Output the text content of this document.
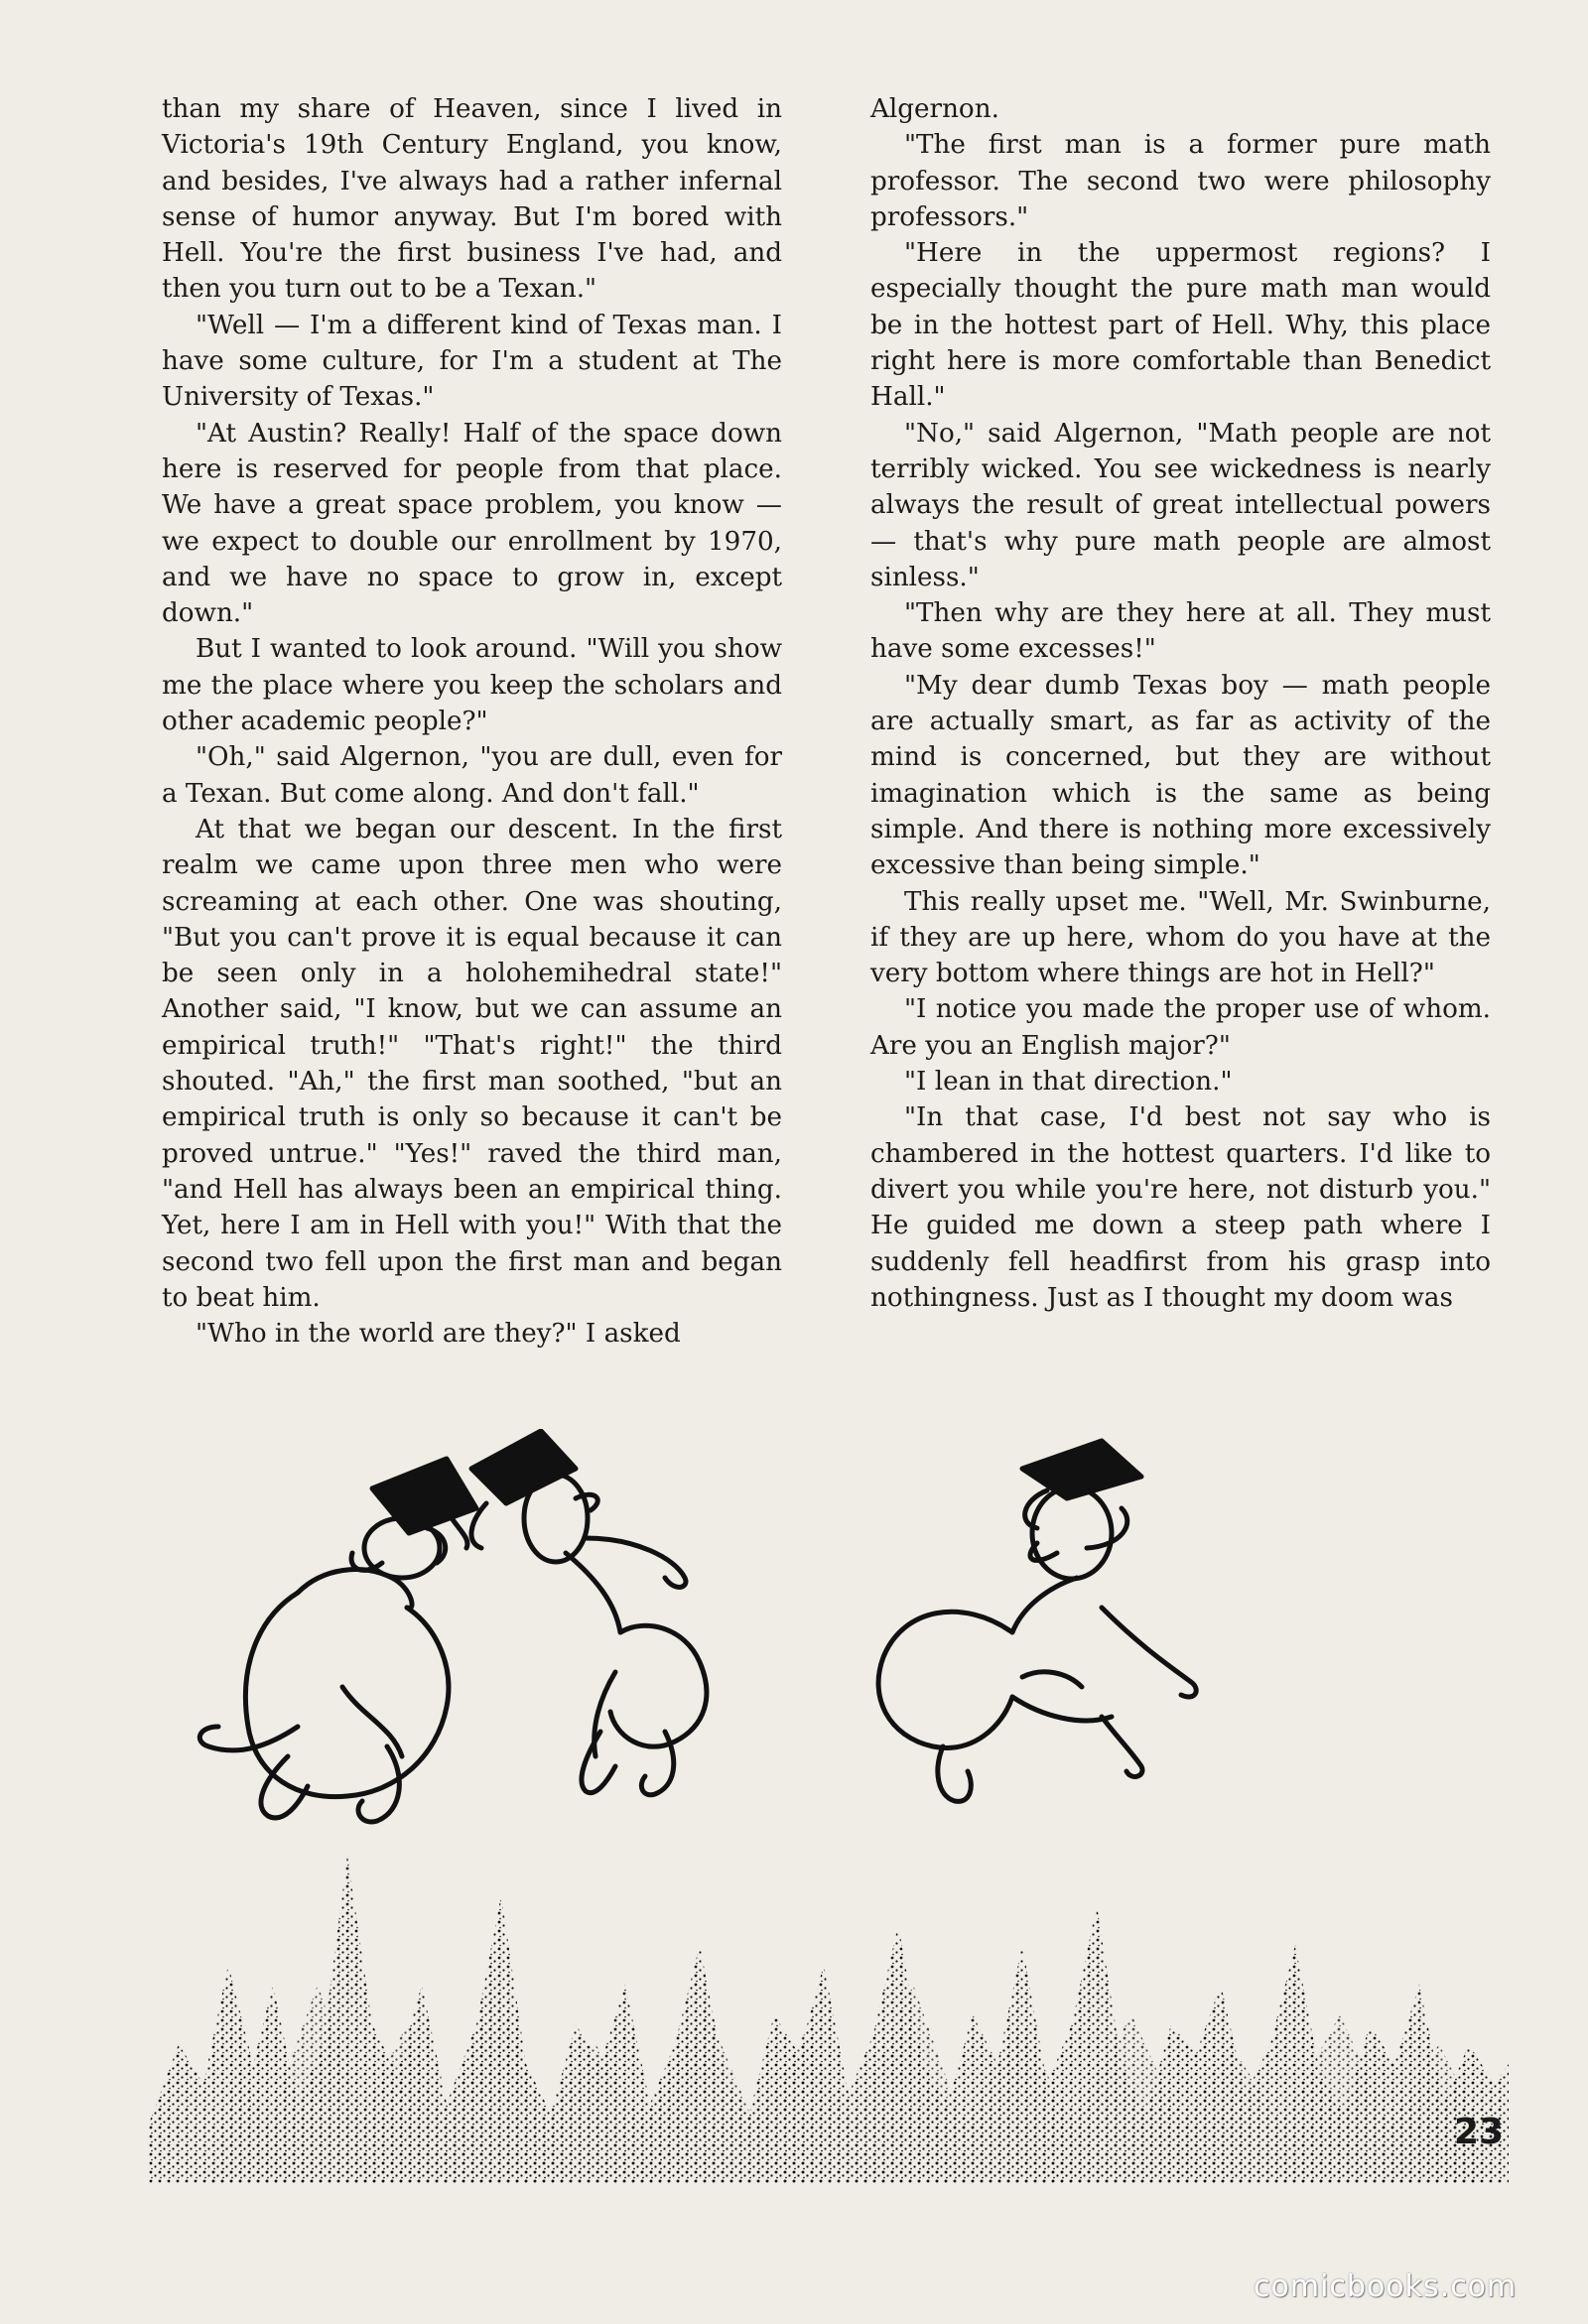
than my share of Heaven, since I lived in Victoria's 19th Century England, you know, and besides, I've always had a rather infernal sense of humor anyway. But I'm bored with Hell. You're the first business I've had, and then you turn out to be a Texan."

"Well — I'm a different kind of Texas man. I have some culture, for I'm a student at The University of Texas."

"At Austin? Really! Half of the space down here is reserved for people from that place. We have a great space problem, you know — we expect to double our enrollment by 1970, and we have no space to grow in, except down."

But I wanted to look around. "Will you show me the place where you keep the scholars and other academic people?"

"Oh," said Algernon, "you are dull, even for a Texan. But come along. And don't fall."

At that we began our descent. In the first realm we came upon three men who were screaming at each other. One was shouting, "But you can't prove it is equal because it can be seen only in a holohemihedral state!" Another said, "I know, but we can assume an empirical truth!" "That's right!" the third shouted. "Ah," the first man soothed, "but an empirical truth is only so because it can't be proved untrue." "Yes!" raved the third man, "and Hell has always been an empirical thing. Yet, here I am in Hell with you!" With that the second two fell upon the first man and began to beat him.

"Who in the world are they?" I asked

Algernon.

"The first man is a former pure math professor. The second two were philosophy professors."

"Here in the uppermost regions? I especially thought the pure math man would be in the hottest part of Hell. Why, this place right here is more comfortable than Benedict Hall."

"No," said Algernon, "Math people are not terribly wicked. You see wickedness is nearly always the result of great intellectual powers — that's why pure math people are almost sinless."

"Then why are they here at all. They must have some excesses!"

"My dear dumb Texas boy — math people are actually smart, as far as activity of the mind is concerned, but they are without imagination which is the same as being simple. And there is nothing more excessively excessive than being simple."

This really upset me. "Well, Mr. Swinburne, if they are up here, whom do you have at the very bottom where things are hot in Hell?"

"I notice you made the proper use of whom. Are you an English major?"

"I lean in that direction."

"In that case, I'd best not say who is chambered in the hottest quarters. I'd like to divert you while you're here, not disturb you." He guided me down a steep path where I suddenly fell headfirst from his grasp into nothingness. Just as I thought my doom was

23
comicbooks.com
